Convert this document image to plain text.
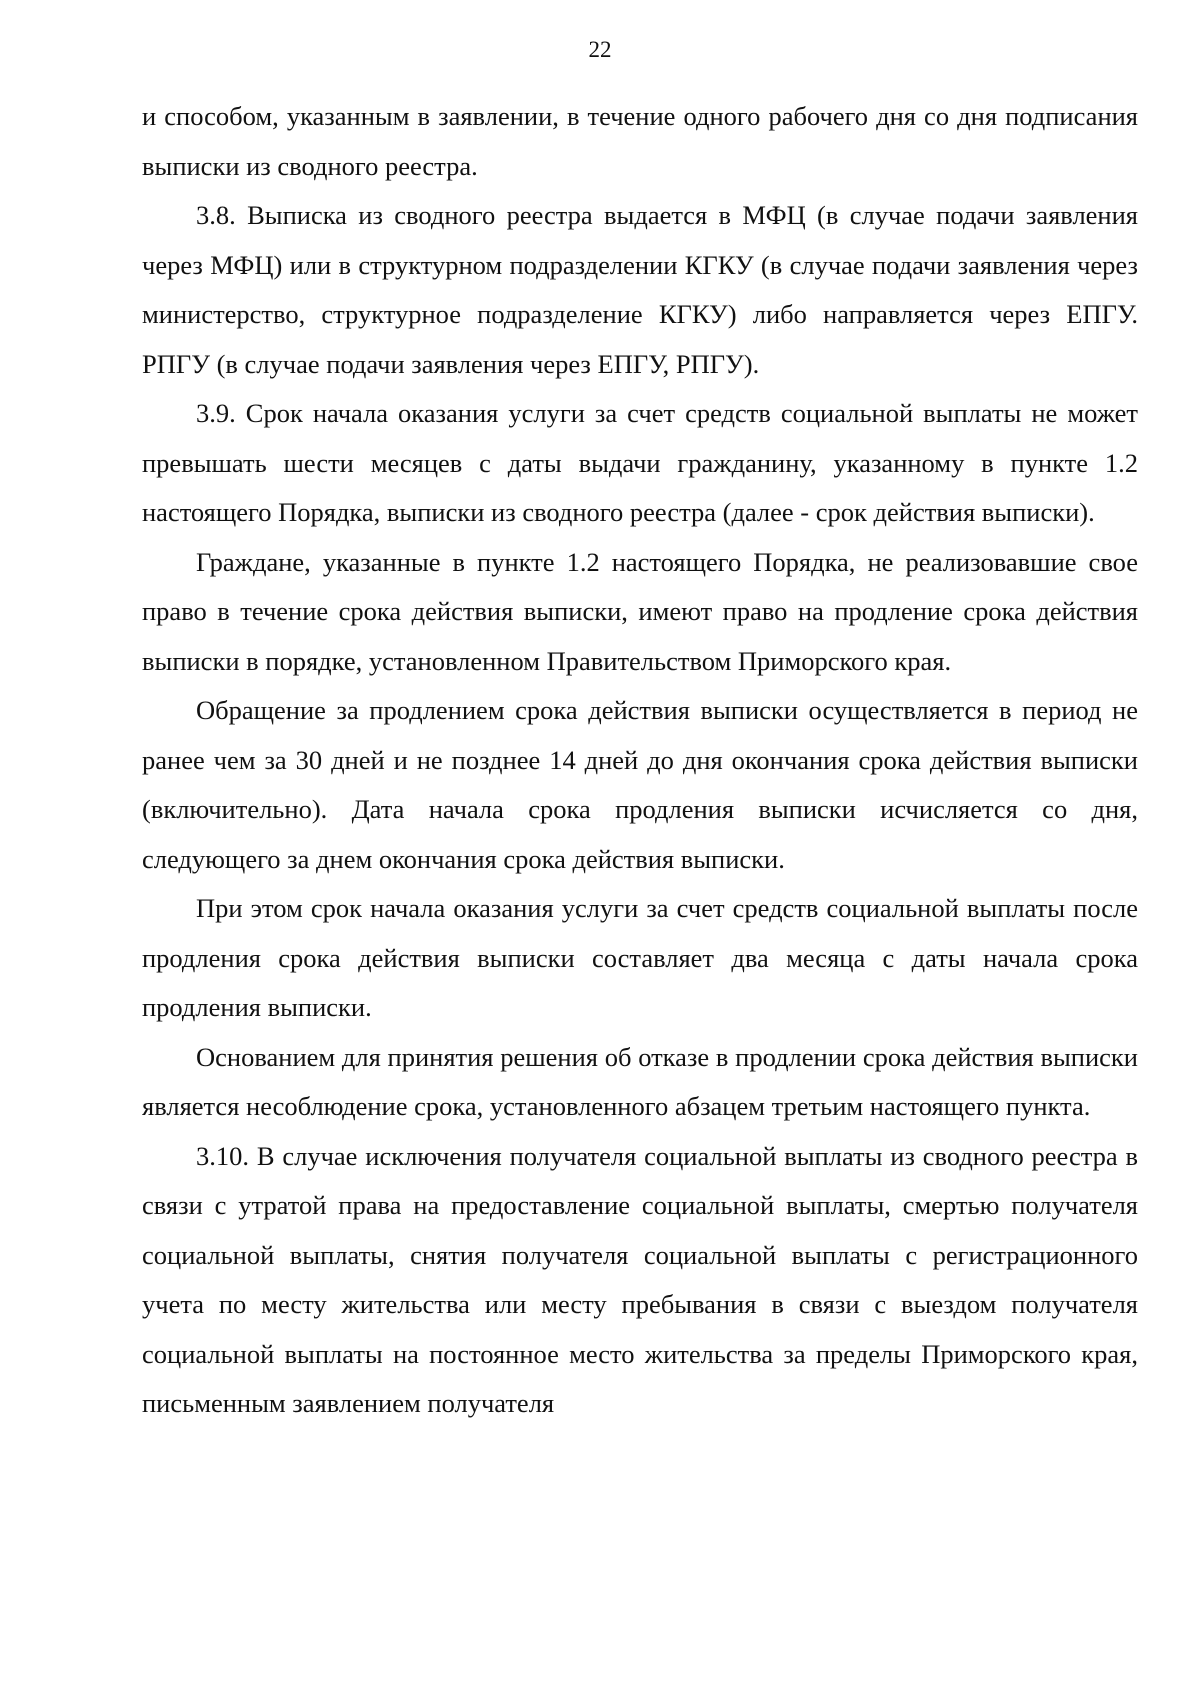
22

и способом, указанным в заявлении, в течение одного рабочего дня со дня подписания выписки из сводного реестра.

3.8. Выписка из сводного реестра выдается в МФЦ (в случае подачи заявления через МФЦ) или в структурном подразделении КГКУ (в случае подачи заявления через министерство, структурное подразделение КГКУ) либо направляется через ЕПГУ. РПГУ (в случае подачи заявления через ЕПГУ, РПГУ).

3.9. Срок начала оказания услуги за счет средств социальной выплаты не может превышать шести месяцев с даты выдачи гражданину, указанному в пункте 1.2 настоящего Порядка, выписки из сводного реестра (далее - срок действия выписки).

Граждане, указанные в пункте 1.2 настоящего Порядка, не реализовавшие свое право в течение срока действия выписки, имеют право на продление срока действия выписки в порядке, установленном Правительством Приморского края.

Обращение за продлением срока действия выписки осуществляется в период не ранее чем за 30 дней и не позднее 14 дней до дня окончания срока действия выписки (включительно). Дата начала срока продления выписки исчисляется со дня, следующего за днем окончания срока действия выписки.

При этом срок начала оказания услуги за счет средств социальной выплаты после продления срока действия выписки составляет два месяца с даты начала срока продления выписки.

Основанием для принятия решения об отказе в продлении срока действия выписки является несоблюдение срока, установленного абзацем третьим настоящего пункта.

3.10. В случае исключения получателя социальной выплаты из сводного реестра в связи с утратой права на предоставление социальной выплаты, смертью получателя социальной выплаты, снятия получателя социальной выплаты с регистрационного учета по месту жительства или месту пребывания в связи с выездом получателя социальной выплаты на постоянное место жительства за пределы Приморского края, письменным заявлением получателя
